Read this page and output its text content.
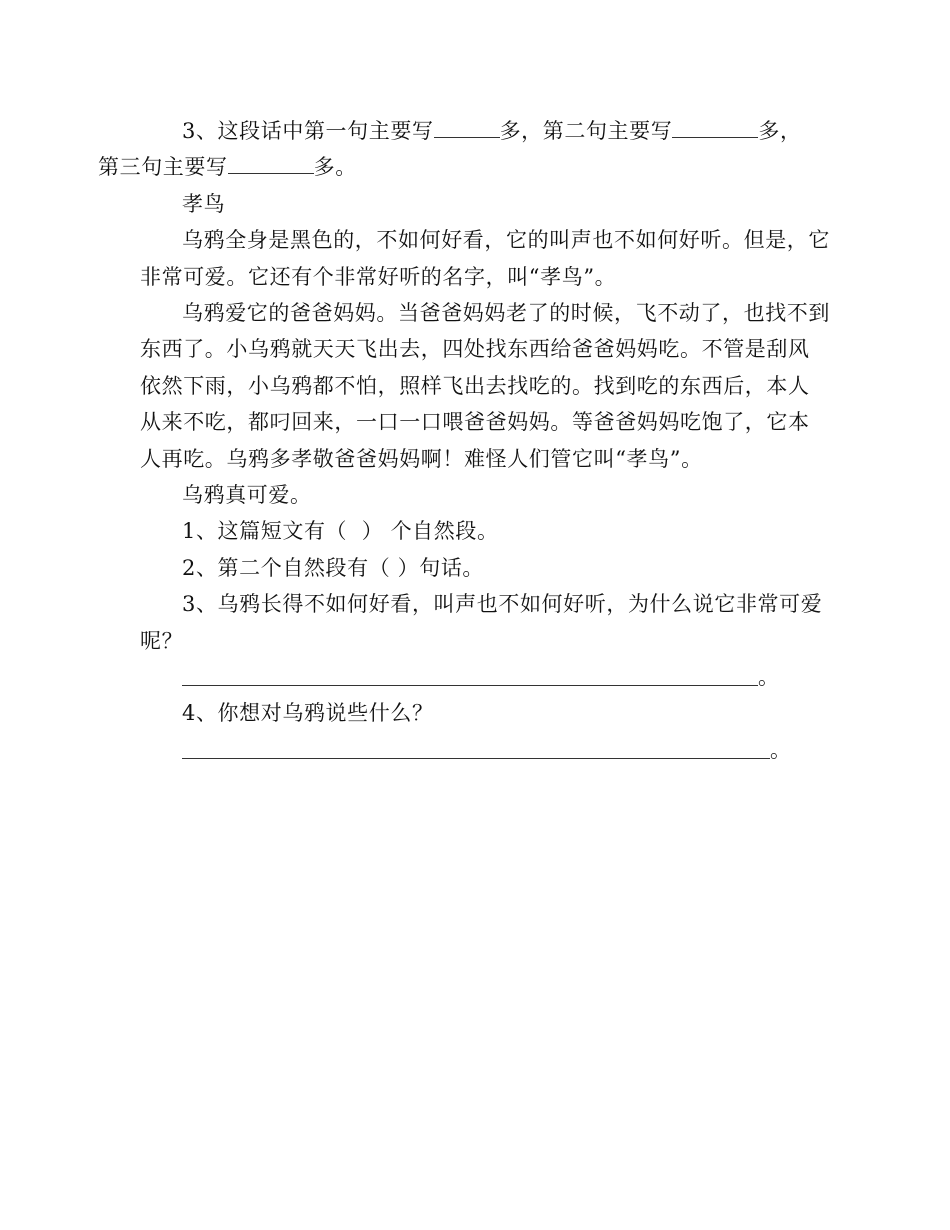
3、这段话中第一句主要写	多，第二句主要写	多，
第三句主要写	多。

孝鸟

乌鸦全身是黑色的，不如何好看，它的叫声也不如何好听。但是，它非常可爱。它还有个非常好听的名字，叫“孝鸟”。

乌鸦爱它的爸爸妈妈。当爸爸妈妈老了的时候，飞不动了，也找不到东西了。小乌鸦就天天飞出去，四处找东西给爸爸妈妈吃。不管是刮风依然下雨，小乌鸦都不怕，照样飞出去找吃的。找到吃的东西后，本人从来不吃，都叼回来，一口一口喂爸爸妈妈。等爸爸妈妈吃饱了，它本人再吃。乌鸦多孝敬爸爸妈妈啊！难怪人们管它叫“孝鸟”。

乌鸦真可爱。

1、这篇短文有（  ） 个自然段。

2、第二个自然段有（ ）句话。

3、乌鸦长得不如何好看，叫声也不如何好听，为什么说它非常可爱呢？

。

4、你想对乌鸦说些什么？

。
